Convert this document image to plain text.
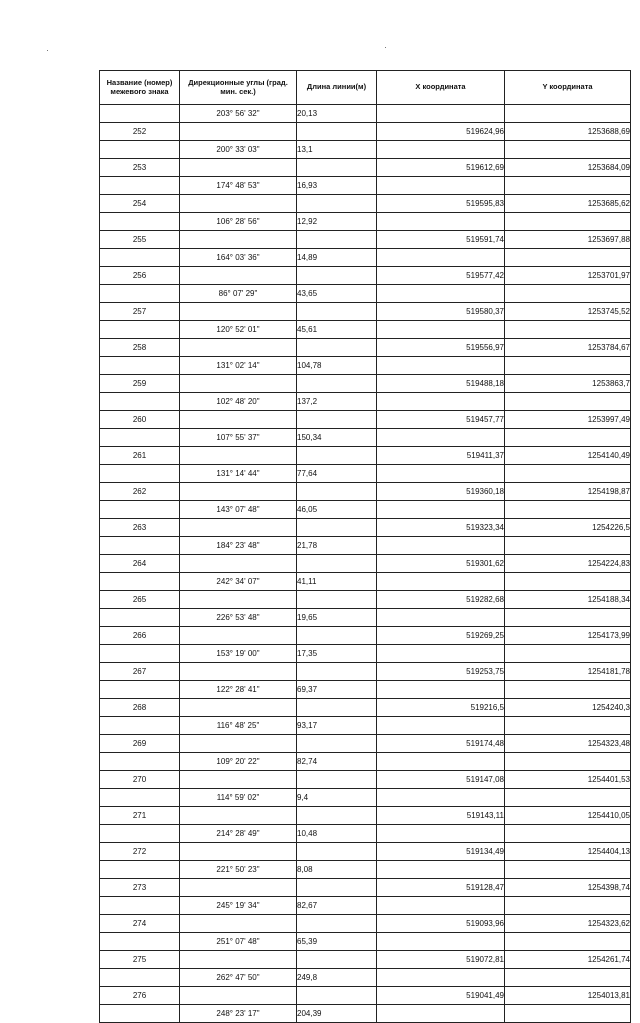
Название (номер) межевого знака	Дирекционные углы (град. мин. сек.)	Длина линии(м)	X координата	Y координата
	203° 56' 32"	20,13		
252			519624,96	1253688,69
	200° 33' 03"	13,1		
253			519612,69	1253684,09
	174° 48' 53"	16,93		
254			519595,83	1253685,62
	106° 28' 56"	12,92		
255			519591,74	1253697,88
	164° 03' 36"	14,89		
256			519577,42	1253701,97
	86° 07' 29"	43,65		
257			519580,37	1253745,52
	120° 52' 01"	45,61		
258			519556,97	1253784,67
	131° 02' 14"	104,78		
259			519488,18	1253863,7
	102° 48' 20"	137,2		
260			519457,77	1253997,49
	107° 55' 37"	150,34		
261			519411,37	1254140,49
	131° 14' 44"	77,64		
262			519360,18	1254198,87
	143° 07' 48"	46,05		
263			519323,34	1254226,5
	184° 23' 48"	21,78		
264			519301,62	1254224,83
	242° 34' 07"	41,11		
265			519282,68	1254188,34
	226° 53' 48"	19,65		
266			519269,25	1254173,99
	153° 19' 00"	17,35		
267			519253,75	1254181,78
	122° 28' 41"	69,37		
268			519216,5	1254240,3
	116° 48' 25"	93,17		
269			519174,48	1254323,48
	109° 20' 22"	82,74		
270			519147,08	1254401,53
	114° 59' 02"	9,4		
271			519143,11	1254410,05
	214° 28' 49"	10,48		
272			519134,49	1254404,13
	221° 50' 23"	8,08		
273			519128,47	1254398,74
	245° 19' 34"	82,67		
274			519093,96	1254323,62
	251° 07' 48"	65,39		
275			519072,81	1254261,74
	262° 47' 50"	249,8		
276			519041,49	1254013,81
	248° 23' 17"	204,39		
